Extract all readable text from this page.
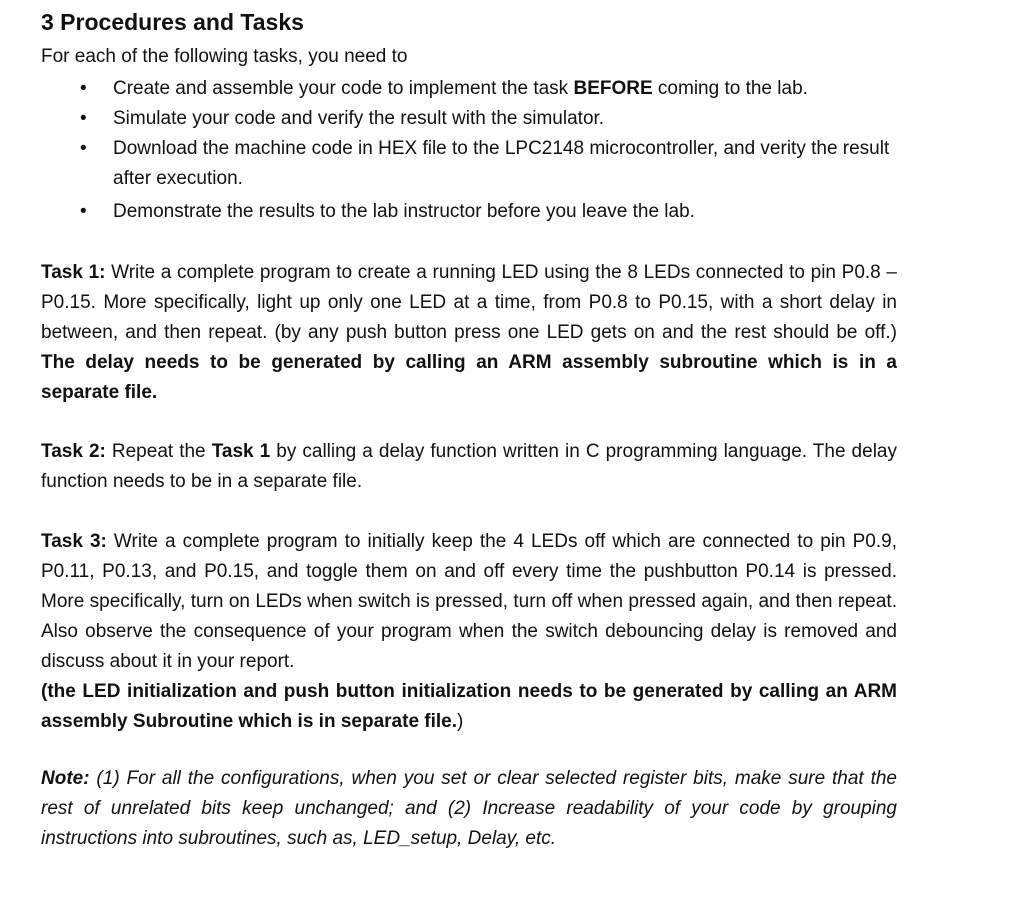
3 Procedures and Tasks

For each of the following tasks, you need to

• Create and assemble your code to implement the task BEFORE coming to the lab.
• Simulate your code and verify the result with the simulator.
• Download the machine code in HEX file to the LPC2148 microcontroller, and verity the result after execution.
• Demonstrate the results to the lab instructor before you leave the lab.

Task 1: Write a complete program to create a running LED using the 8 LEDs connected to pin P0.8 – P0.15. More specifically, light up only one LED at a time, from P0.8 to P0.15, with a short delay in between, and then repeat. (by any push button press one LED gets on and the rest should be off.) The delay needs to be generated by calling an ARM assembly subroutine which is in a separate file.

Task 2: Repeat the Task 1 by calling a delay function written in C programming language. The delay function needs to be in a separate file.

Task 3: Write a complete program to initially keep the 4 LEDs off which are connected to pin P0.9, P0.11, P0.13, and P0.15, and toggle them on and off every time the pushbutton P0.14 is pressed. More specifically, turn on LEDs when switch is pressed, turn off when pressed again, and then repeat. Also observe the consequence of your program when the switch debouncing delay is removed and discuss about it in your report.
(the LED initialization and push button initialization needs to be generated by calling an ARM assembly Subroutine which is in separate file.)

Note: (1) For all the configurations, when you set or clear selected register bits, make sure that the rest of unrelated bits keep unchanged; and (2) Increase readability of your code by grouping instructions into subroutines, such as, LED_setup, Delay, etc.
